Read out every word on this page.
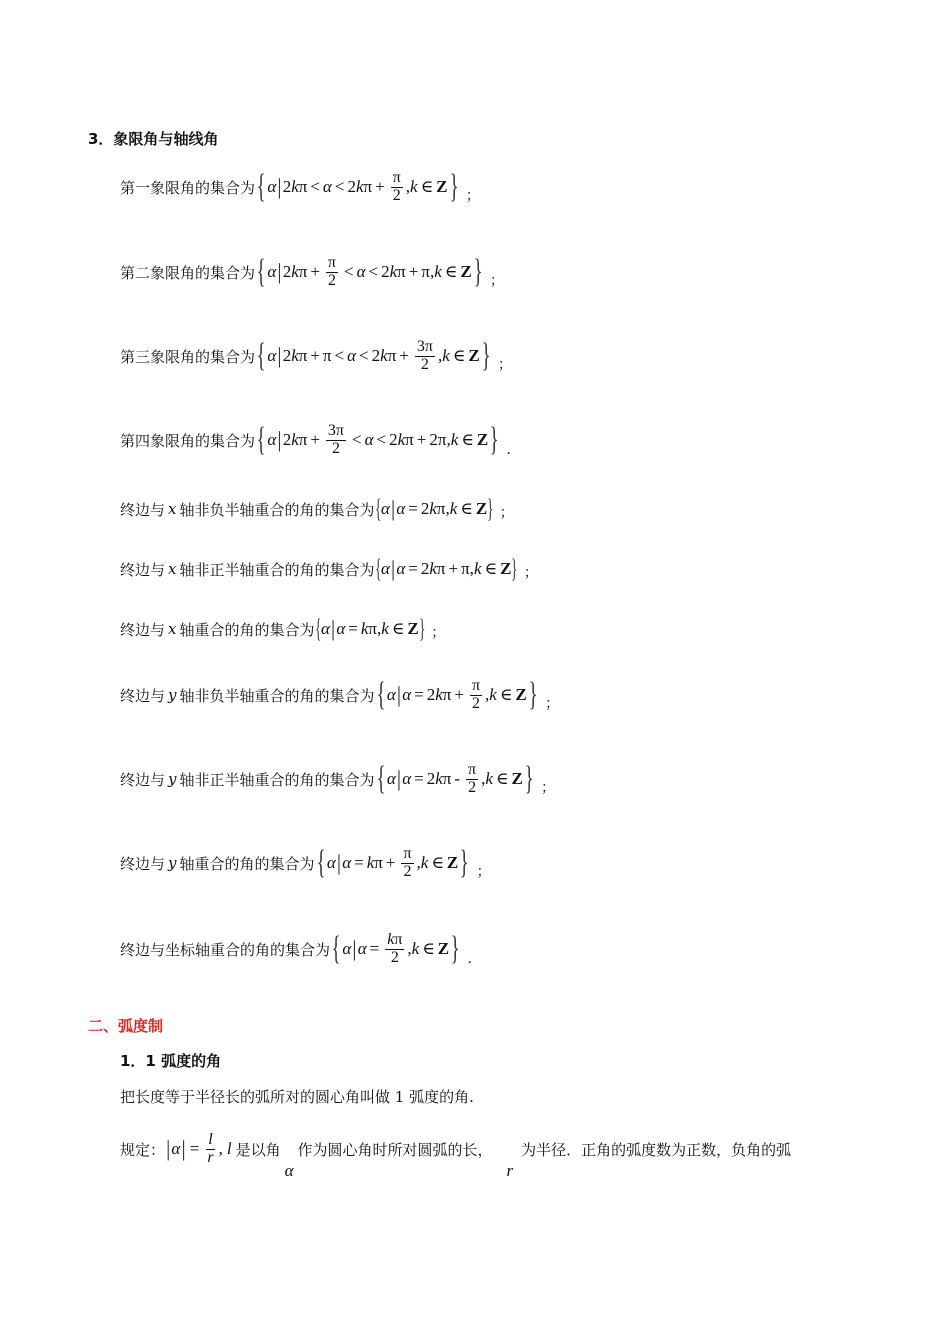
3．象限角与轴线角
第一象限角的集合为 { α | 2 k π < α < 2 k $\pi + \frac{\pi}{2}$ , k ∈ Z } ；
第二象限角的集合为 { α | 2 k $\pi + \frac{\pi}{2} < \alpha < 2$ k π + π, k ∈ Z } ；
第三象限角的集合为 { α | 2 k π + π < α < 2 k $\pi + \frac{3\pi}{2}$ , k ∈ Z } ；
第四象限角的集合为 { α | 2 k $\pi + \frac{3\pi}{2} < \alpha < 2$ k π + 2π, k ∈ Z } .
终边与 x 轴非负半轴重合的角的集合为 { α | α = 2 k π, k ∈ Z } ；
终边与 x 轴非正半轴重合的角的集合为 { α | α = 2 k π + π, k ∈ Z } ；
终边与 x 轴重合的角的集合为 { α | α = k π, k ∈ Z } ；
终边与 y 轴非负半轴重合的角的集合为 { α | α = 2 k $\pi + \frac{\pi}{2}$ , k ∈ Z } ；
终边与 y 轴非正半轴重合的角的集合为 { α | α = 2 k π - $\frac{\pi}{2}$ , k ∈ Z } ；
终边与 y 轴重合的角的集合为 { α | α = k $\pi + \frac{\pi}{2}$ , k ∈ Z } ；
终边与坐标轴重合的角的集合为 { α | $\alpha = \frac{k\pi}{2}$ , k ∈ Z } .
二、弧度制
1．1 弧度的角
把长度等于半径长的弧所对的圆心角叫做 1 弧度的角.
规定： | α | = $\frac{l}{r}$ , l 是以角
α
作为圆心角时所对圆弧的长，
r
为半径．正角的弧度数为正数，负角的弧
